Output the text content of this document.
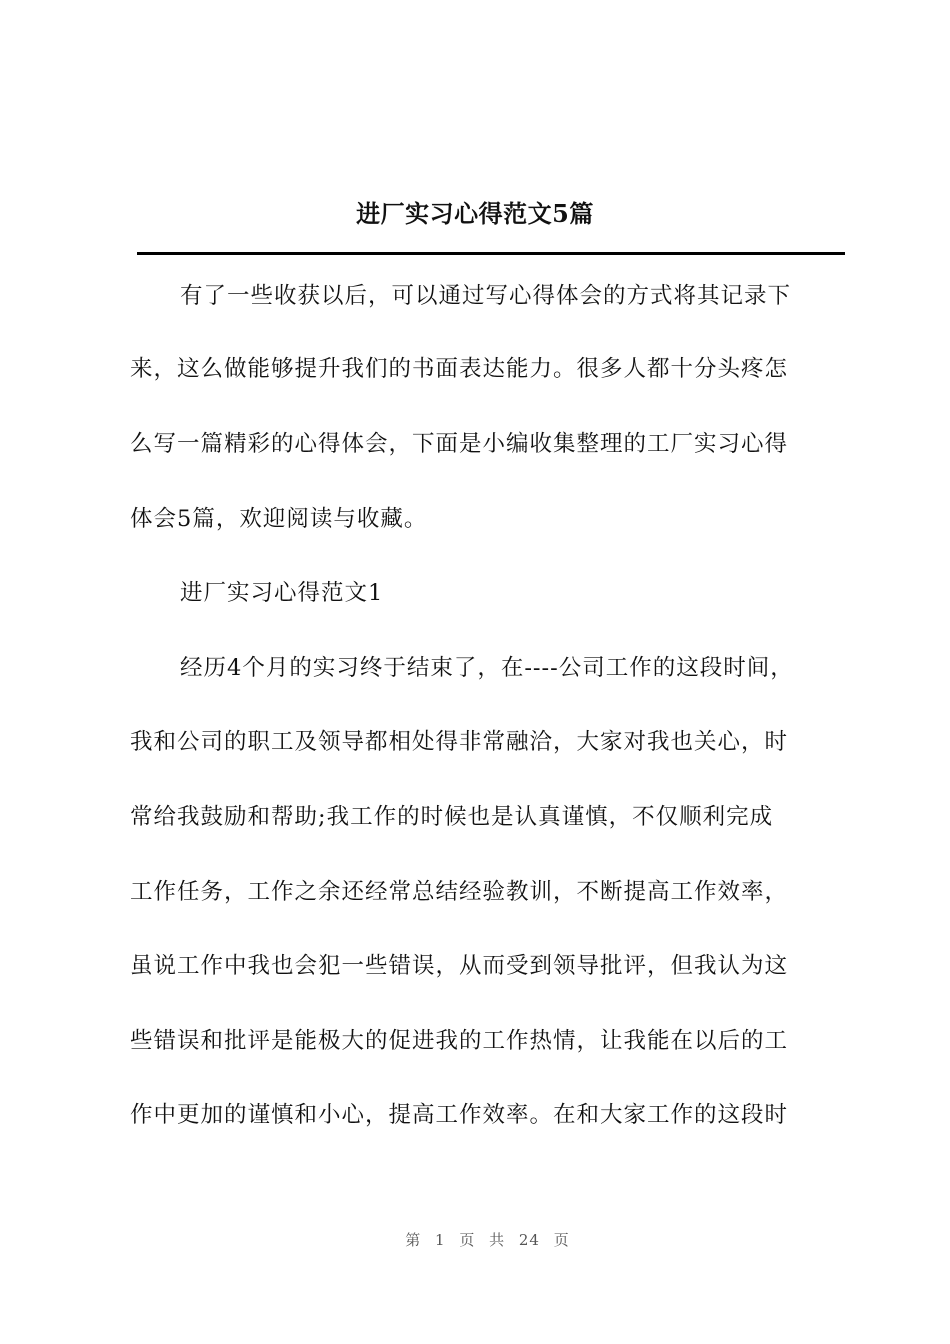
进厂实习心得范文5篇
有了一些收获以后，可以通过写心得体会的方式将其记录下
来，这么做能够提升我们的书面表达能力。很多人都十分头疼怎
么写一篇精彩的心得体会，下面是小编收集整理的工厂实习心得
体会5篇，欢迎阅读与收藏。
进厂实习心得范文1
经历4个月的实习终于结束了，在----公司工作的这段时间，
我和公司的职工及领导都相处得非常融洽，大家对我也关心，时
常给我鼓励和帮助;我工作的时候也是认真谨慎，不仅顺利完成
工作任务，工作之余还经常总结经验教训，不断提高工作效率，
虽说工作中我也会犯一些错误，从而受到领导批评，但我认为这
些错误和批评是能极大的促进我的工作热情，让我能在以后的工
作中更加的谨慎和小心，提高工作效率。在和大家工作的这段时
第 1 页 共 24 页
